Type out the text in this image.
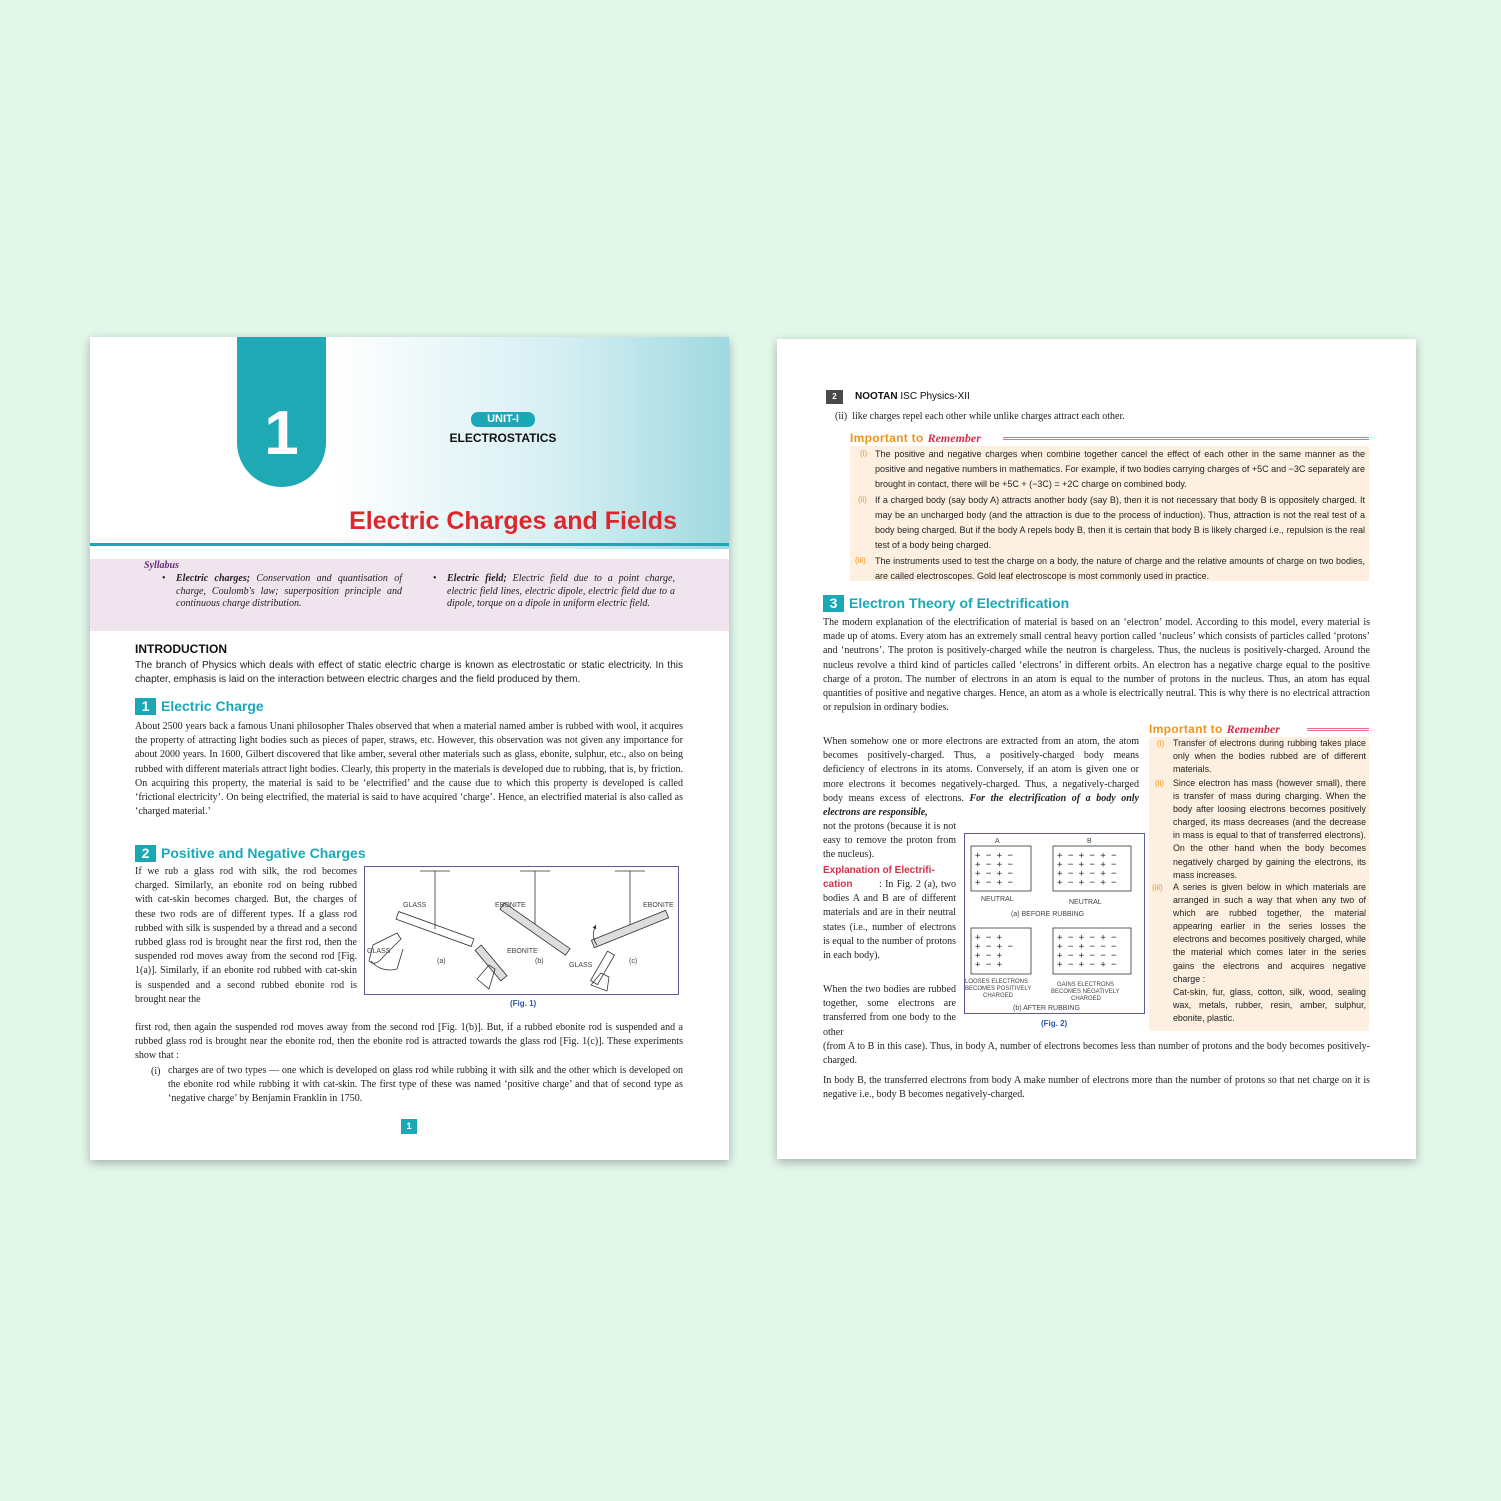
1	UNIT-I
ELECTROSTATICS
Electric Charges and Fields
Syllabus
• Electric charges; Conservation and quantisation of charge, Coulomb's law; superposition principle and continuous charge distribution.
• Electric field; Electric field due to a point charge, electric field lines, electric dipole, electric field due to a dipole, torque on a dipole in uniform electric field.
INTRODUCTION
The branch of Physics which deals with effect of static electric charge is known as electrostatic or static electricity. In this chapter, emphasis is laid on the interaction between electric charges and the field produced by them.
1 Electric Charge
About 2500 years back a famous Unani philosopher Thales observed that when a material named amber is rubbed with wool, it acquires the property of attracting light bodies such as pieces of paper, straws, etc. However, this observation was not given any importance for about 2000 years. In 1600, Gilbert discovered that like amber, several other materials such as glass, ebonite, sulphur, etc., also on being rubbed with different materials attract light bodies. Clearly, this property in the materials is developed due to rubbing, that is, by friction. On acquiring this property, the material is said to be ‘electrified’ and the cause due to which this property is developed is called ‘frictional electricity’. On being electrified, the material is said to have acquired ‘charge’. Hence, an electrified material is also called as ‘charged material.’
2 Positive and Negative Charges
If we rub a glass rod with silk, the rod becomes charged. Similarly, an ebonite rod on being rubbed with cat-skin becomes charged. But, the charges of these two rods are of different types. If a glass rod rubbed with silk is suspended by a thread and a second rubbed glass rod is brought near the first rod, then the suspended rod moves away from the second rod [Fig. 1(a)]. Similarly, if an ebonite rod rubbed with cat-skin is suspended and a second rubbed ebonite rod is brought near the
first rod, then again the suspended rod moves away from the second rod [Fig. 1(b)]. But, if a rubbed ebonite rod is suspended and a rubbed glass rod is brought near the ebonite rod, then the ebonite rod is attracted towards the glass rod [Fig. 1(c)]. These experiments show that :
(i) charges are of two types — one which is developed on glass rod while rubbing it with silk and the other which is developed on the ebonite rod while rubbing it with cat-skin. The first type of these was named ‘positive charge’ and that of second type as ‘negative charge’ by Benjamin Franklin in 1750.
GLASS
GLASS
(a)
EBONITE
EBONITE
(b)
EBONITE
GLASS
(c)
(Fig. 1)
1
2	NOOTAN ISC Physics-XII
(ii) like charges repel each other while unlike charges attract each other.
Important to Remember
(i) The positive and negative charges when combine together cancel the effect of each other in the same manner as the positive and negative numbers in mathematics. For example, if two bodies carrying charges of +5C and −3C separately are brought in contact, there will be +5C + (−3C) = +2C charge on combined body.
(ii) If a charged body (say body A) attracts another body (say B), then it is not necessary that body B is oppositely charged. It may be an uncharged body (and the attraction is due to the process of induction). Thus, attraction is not the real test of a body being charged. But if the body A repels body B, then it is certain that body B is likely charged i.e., repulsion is the real test of a body being charged.
(iii) The instruments used to test the charge on a body, the nature of charge and the relative amounts of charge on two bodies, are called electroscopes. Gold leaf electroscope is most commonly used in practice.
3 Electron Theory of Electrification
The modern explanation of the electrification of material is based on an ‘electron’ model. According to this model, every material is made up of atoms. Every atom has an extremely small central heavy portion called ‘nucleus’ which consists of particles called ‘protons’ and ‘neutrons’. The proton is positively-charged while the neutron is chargeless. Thus, the nucleus is positively-charged. Around the nucleus revolve a third kind of particles called ‘electrons’ in different orbits. An electron has a negative charge equal to the positive charge of a proton. The number of electrons in an atom is equal to the number of protons in the nucleus. Thus, an atom has equal quantities of positive and negative charges. Hence, an atom as a whole is electrically neutral. This is why there is no electrical attraction or repulsion in ordinary bodies.
When somehow one or more electrons are extracted from an atom, the atom becomes positively-charged. Thus, a positively-charged body means deficiency of electrons in its atoms. Conversely, if an atom is given one or more electrons it becomes negatively-charged. Thus, a negatively-charged body means excess of electrons. For the electrification of a body only electrons are responsible,
not the protons (because it is not easy to remove the proton from the nucleus).
Explanation of Electrifi- cation	: In Fig. 2 (a), two bodies A and B are of different materials and are in their neutral states (i.e., number of electrons is equal to the number of protons in each body).
When the two bodies are rubbed together, some electrons are transferred from one body to the other
(from A to B in this case). Thus, in body A, number of electrons becomes less than number of protons and the body becomes positively-charged.
In body B, the transferred electrons from body A make number of electrons more than the number of protons so that net charge on it is negative i.e., body B becomes negatively-charged.
+ − + −
+ − + −
+ − + −
+ − + −
+ − + − + −
+ − + − + −
+ − + − + −
+ − + − + −
+ − +
+ − + −
+ − +
+ − +
+ − + − + −
+ − + − − −
+ − + − − −
+ − + − + −
A	B
NEUTRAL	NEUTRAL
(a) BEFORE RUBBING
LOOSES ELECTRONS
BECOMES POSITIVELY
CHARGED
GAINS ELECTRONS
BECOMES NEGATIVELY
CHARGED
(b) AFTER RUBBING
(Fig. 2)
Important to Remember
(i) Transfer of electrons during rubbing takes place only when the bodies rubbed are of different materials.
(ii) Since electron has mass (however small), there is transfer of mass during charging. When the body after loosing electrons becomes positively charged, its mass decreases (and the decrease in mass is equal to that of transferred electrons). On the other hand when the body becomes negatively charged by gaining the electrons, its mass increases.
(iii) A series is given below in which materials are arranged in such a way that when any two of which are rubbed together, the material appearing earlier in the series losses the electrons and becomes positively charged, while the material which comes later in the series gains the electrons and acquires negative charge :
Cat-skin, fur, glass, cotton, silk, wood, sealing wax, metals, rubber, resin, amber, sulphur, ebonite, plastic.
